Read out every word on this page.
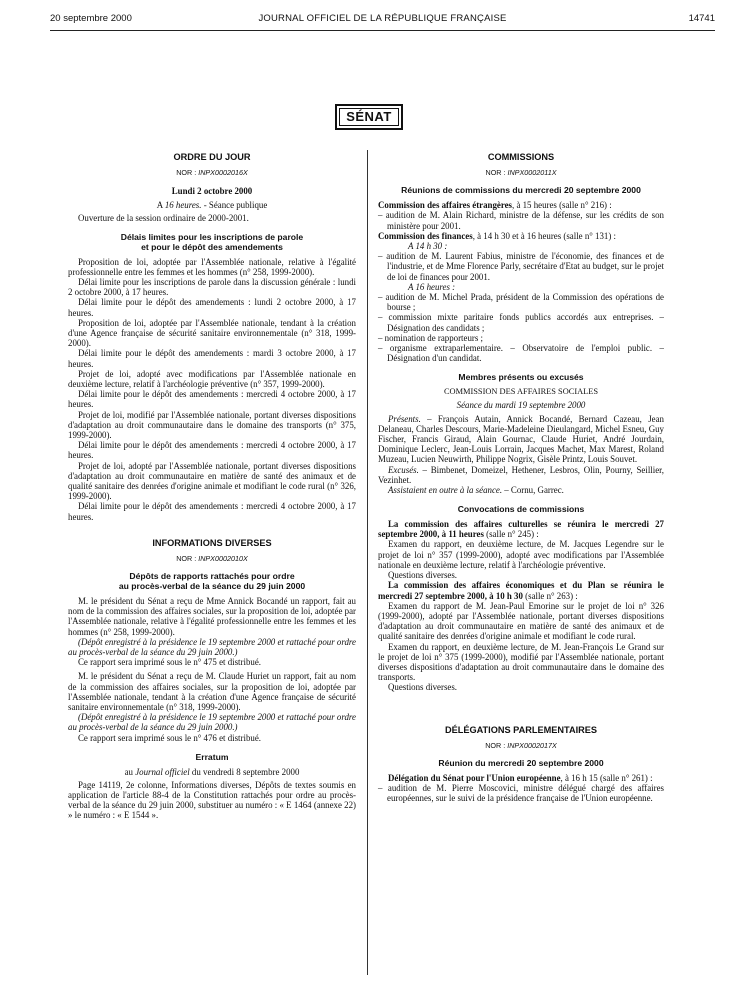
20 septembre 2000	JOURNAL OFFICIEL DE LA RÉPUBLIQUE FRANÇAISE	14741
SÉNAT
ORDRE DU JOUR
NOR : INPX0002016X
Lundi 2 octobre 2000
A 16 heures. - Séance publique

Ouverture de la session ordinaire de 2000-2001.

Délais limites pour les inscriptions de parole
et pour le dépôt des amendements

Proposition de loi, adoptée par l'Assemblée nationale, relative à l'égalité professionnelle entre les femmes et les hommes (n° 258, 1999-2000).

Délai limite pour les inscriptions de parole dans la discussion générale : lundi 2 octobre 2000, à 17 heures.

Délai limite pour le dépôt des amendements : lundi 2 octobre 2000, à 17 heures.

Proposition de loi, adoptée par l'Assemblée nationale, tendant à la création d'une Agence française de sécurité sanitaire environnementale (n° 318, 1999-2000).

Délai limite pour le dépôt des amendements : mardi 3 octobre 2000, à 17 heures.

Projet de loi, adopté avec modifications par l'Assemblée nationale en deuxième lecture, relatif à l'archéologie préventive (n° 357, 1999-2000).

Délai limite pour le dépôt des amendements : mercredi 4 octobre 2000, à 17 heures.

Projet de loi, modifié par l'Assemblée nationale, portant diverses dispositions d'adaptation au droit communautaire dans le domaine des transports (n° 375, 1999-2000).

Délai limite pour le dépôt des amendements : mercredi 4 octobre 2000, à 17 heures.

Projet de loi, adopté par l'Assemblée nationale, portant diverses dispositions d'adaptation au droit communautaire en matière de santé des animaux et de qualité sanitaire des denrées d'origine animale et modifiant le code rural (n° 326, 1999-2000).

Délai limite pour le dépôt des amendements : mercredi 4 octobre 2000, à 17 heures.

INFORMATIONS DIVERSES
NOR : INPX0002010X
Dépôts de rapports rattachés pour ordre
au procès-verbal de la séance du 29 juin 2000

M. le président du Sénat a reçu de Mme Annick Bocandé un rapport, fait au nom de la commission des affaires sociales, sur la proposition de loi, adoptée par l'Assemblée nationale, relative à l'égalité professionnelle entre les femmes et les hommes (n° 258, 1999-2000).

(Dépôt enregistré à la présidence le 19 septembre 2000 et rattaché pour ordre au procès-verbal de la séance du 29 juin 2000.)

Ce rapport sera imprimé sous le n° 475 et distribué.

M. le président du Sénat a reçu de M. Claude Huriet un rapport, fait au nom de la commission des affaires sociales, sur la proposition de loi, adoptée par l'Assemblée nationale, tendant à la création d'une Agence française de sécurité sanitaire environnementale (n° 318, 1999-2000).

(Dépôt enregistré à la présidence le 19 septembre 2000 et rattaché pour ordre au procès-verbal de la séance du 29 juin 2000.)

Ce rapport sera imprimé sous le n° 476 et distribué.

Erratum
au Journal officiel du vendredi 8 septembre 2000

Page 14119, 2e colonne, Informations diverses, Dépôts de textes soumis en application de l'article 88-4 de la Constitution rattachés pour ordre au procès-verbal de la séance du 29 juin 2000, substituer au numéro : « E 1464 (annexe 22) » le numéro : « E 1544 ».

COMMISSIONS
NOR : INPX0002011X
Réunions de commissions du mercredi 20 septembre 2000

Commission des affaires étrangères, à 15 heures (salle n° 216) :

– audition de M. Alain Richard, ministre de la défense, sur les crédits de son ministère pour 2001.

Commission des finances, à 14 h 30 et à 16 heures (salle n° 131) :

A 14 h 30 :

– audition de M. Laurent Fabius, ministre de l'économie, des finances et de l'industrie, et de Mme Florence Parly, secrétaire d'Etat au budget, sur le projet de loi de finances pour 2001.

A 16 heures :

– audition de M. Michel Prada, président de la Commission des opérations de bourse ;

– commission mixte paritaire fonds publics accordés aux entreprises. – Désignation des candidats ;

– nomination de rapporteurs ;

– organisme extraparlementaire. – Observatoire de l'emploi public. – Désignation d'un candidat.

Membres présents ou excusés
COMMISSION DES AFFAIRES SOCIALES
Séance du mardi 19 septembre 2000

Présents. – François Autain, Annick Bocandé, Bernard Cazeau, Jean Delaneau, Charles Descours, Marie-Madeleine Dieulangard, Michel Esneu, Guy Fischer, Francis Giraud, Alain Gournac, Claude Huriet, André Jourdain, Dominique Leclerc, Jean-Louis Lorrain, Jacques Machet, Max Marest, Roland Muzeau, Lucien Neuwirth, Philippe Nogrix, Gisèle Printz, Louis Souvet.

Excusés. – Bimbenet, Domeizel, Hethener, Lesbros, Olin, Pourny, Seillier, Vezinhet.

Assistaient en outre à la séance. – Cornu, Garrec.

Convocations de commissions

La commission des affaires culturelles se réunira le mercredi 27 septembre 2000, à 11 heures (salle n° 245) :

Examen du rapport, en deuxième lecture, de M. Jacques Legendre sur le projet de loi n° 357 (1999-2000), adopté avec modifications par l'Assemblée nationale en deuxième lecture, relatif à l'archéologie préventive.

Questions diverses.

La commission des affaires économiques et du Plan se réunira le mercredi 27 septembre 2000, à 10 h 30 (salle n° 263) :

Examen du rapport de M. Jean-Paul Emorine sur le projet de loi n° 326 (1999-2000), adopté par l'Assemblée nationale, portant diverses dispositions d'adaptation au droit communautaire en matière de santé des animaux et de qualité sanitaire des denrées d'origine animale et modifiant le code rural.

Examen du rapport, en deuxième lecture, de M. Jean-François Le Grand sur le projet de loi n° 375 (1999-2000), modifié par l'Assemblée nationale, portant diverses dispositions d'adaptation au droit communautaire dans le domaine des transports.

Questions diverses.

DÉLÉGATIONS PARLEMENTAIRES
NOR : INPX0002017X
Réunion du mercredi 20 septembre 2000

Délégation du Sénat pour l'Union européenne, à 16 h 15 (salle n° 261) :

– audition de M. Pierre Moscovici, ministre délégué chargé des affaires européennes, sur le suivi de la présidence française de l'Union européenne.
